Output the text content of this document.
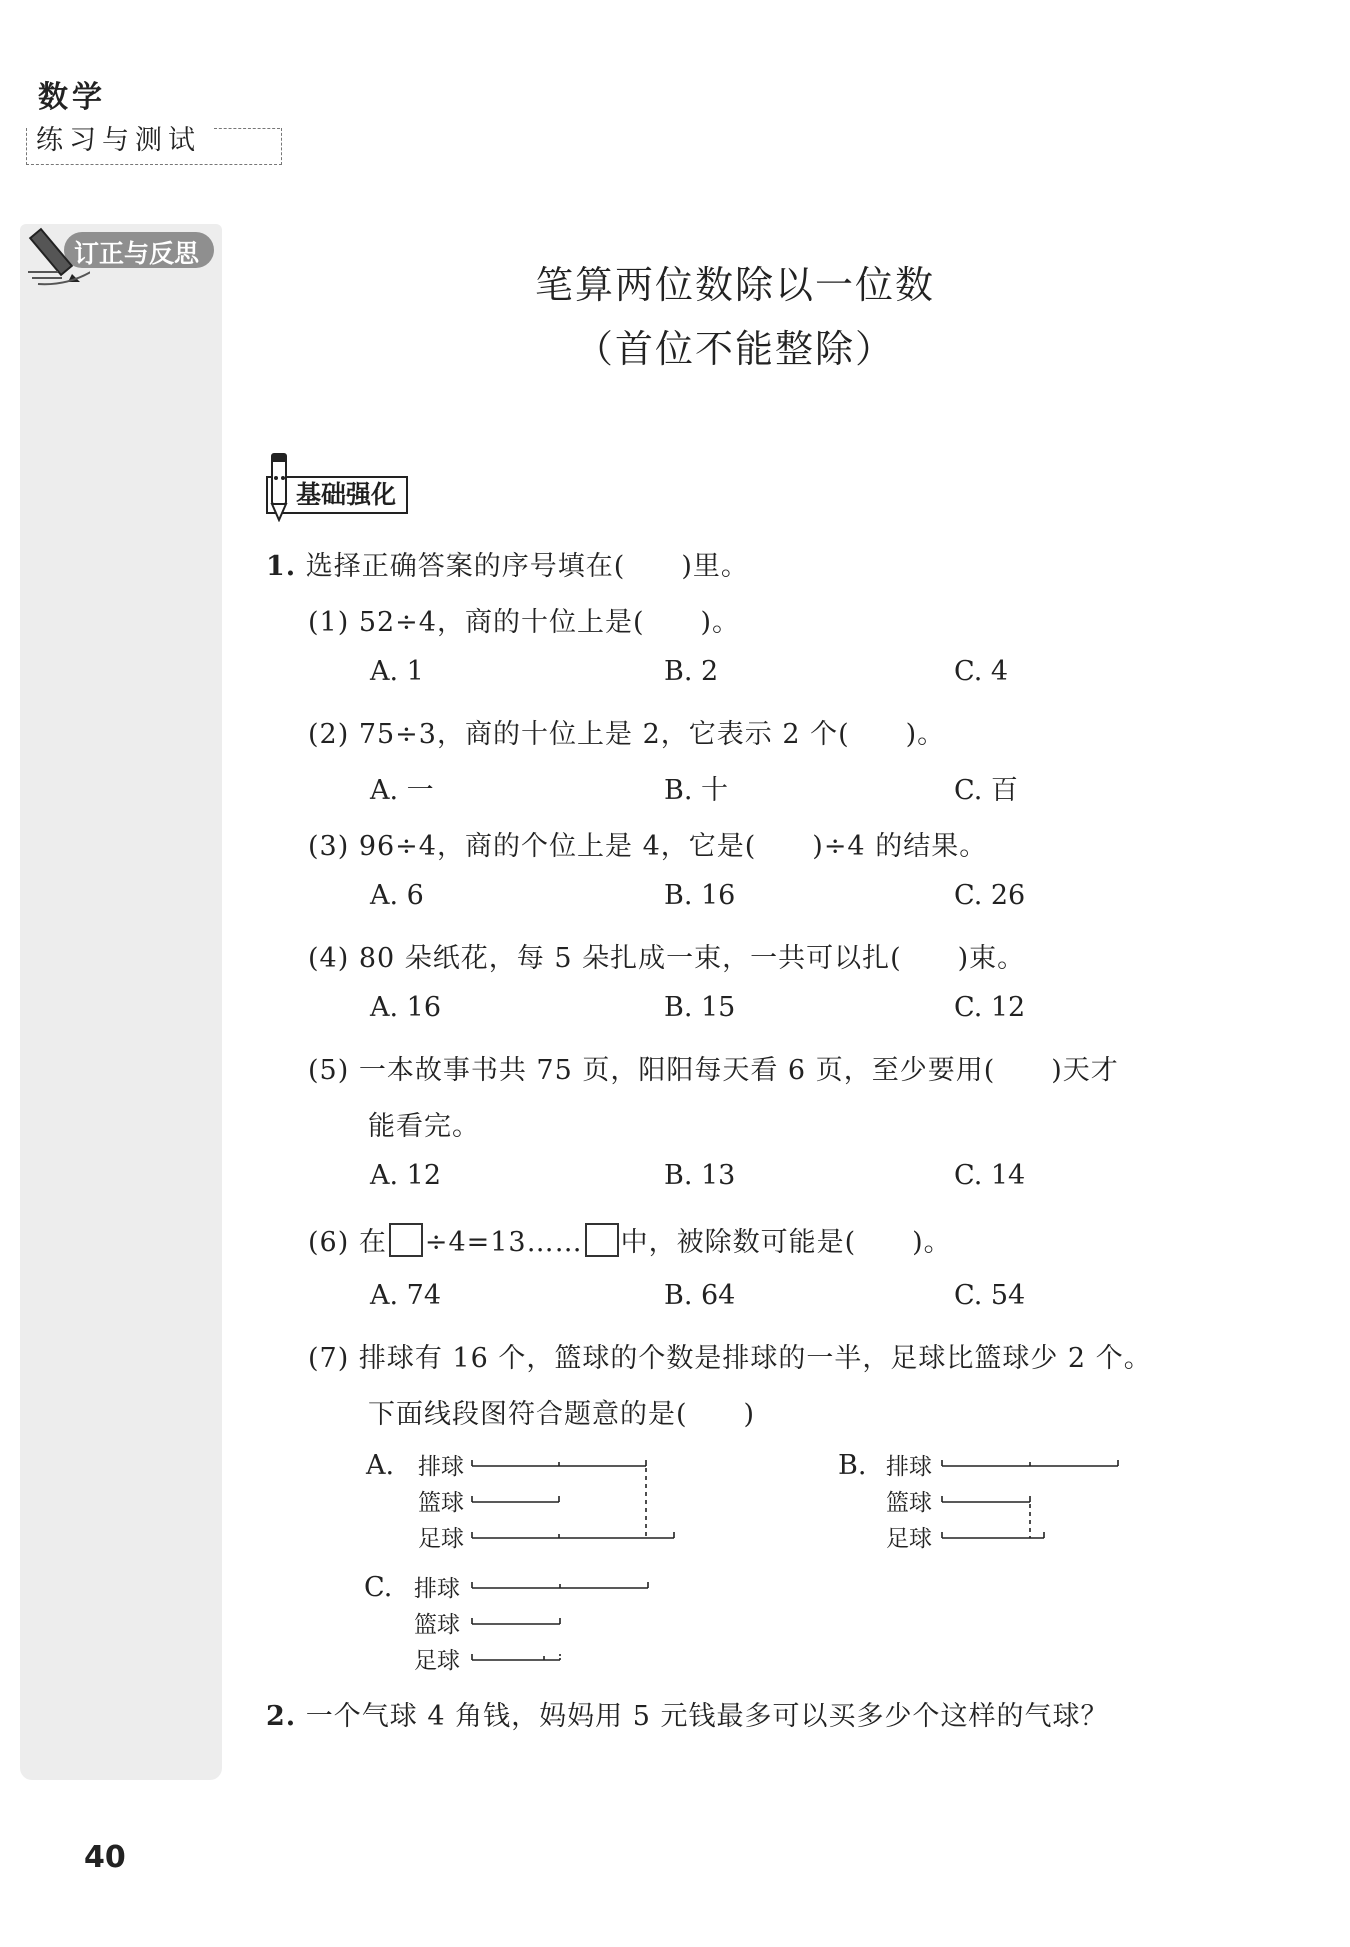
数学
练习与测试
订正与反思
笔算两位数除以一位数
（首位不能整除）
基础强化
1. 选择正确答案的序号填在(　　)里。
(1) 52÷4，商的十位上是(　　)。
A. 1	B. 2	C. 4
(2) 75÷3，商的十位上是 2，它表示 2 个(　　)。
A. 一	B. 十	C. 百
(3) 96÷4，商的个位上是 4，它是(　　)÷4 的结果。
A. 6	B. 16	C. 26
(4) 80 朵纸花，每 5 朵扎成一束，一共可以扎(　　)束。
A. 16	B. 15	C. 12
(5) 一本故事书共 75 页，阳阳每天看 6 页，至少要用(　　)天才
能看完。
A. 12	B. 13	C. 14
(6) 在 ÷4=13…… 中，被除数可能是(　　)。
A. 74	B. 64	C. 54
(7) 排球有 16 个，篮球的个数是排球的一半，足球比篮球少 2 个。
下面线段图符合题意的是(　　)
A. 排球
篮球
足球
B. 排球
篮球
足球
C. 排球
篮球
足球
2. 一个气球 4 角钱，妈妈用 5 元钱最多可以买多少个这样的气球？
40
